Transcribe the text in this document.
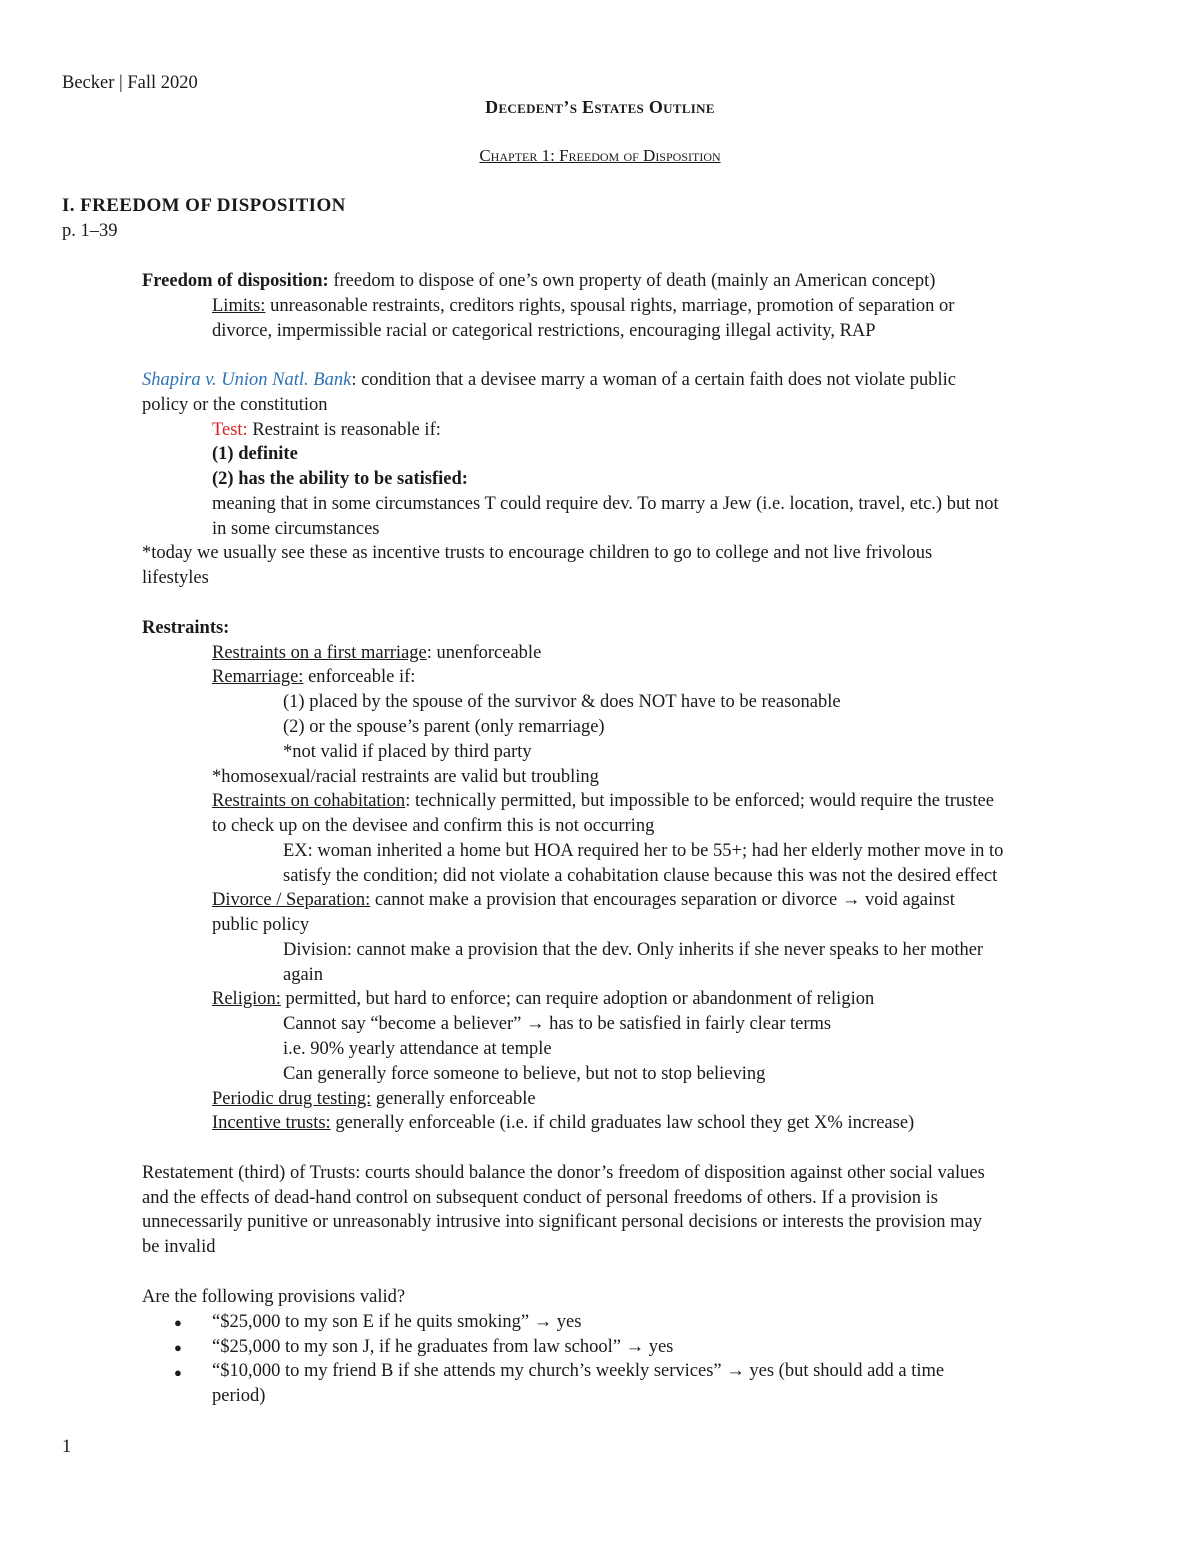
Becker | Fall 2020
Decedent’s Estates Outline
Chapter 1: Freedom of Disposition
I. FREEDOM OF DISPOSITION
p. 1–39
Freedom of disposition: freedom to dispose of one’s own property of death (mainly an American concept)
Limits: unreasonable restraints, creditors rights, spousal rights, marriage, promotion of separation or
divorce, impermissible racial or categorical restrictions, encouraging illegal activity, RAP
Shapira v. Union Natl. Bank: condition that a devisee marry a woman of a certain faith does not violate public
policy or the constitution
Test: Restraint is reasonable if:
(1) definite
(2) has the ability to be satisfied:
meaning that in some circumstances T could require dev. To marry a Jew (i.e. location, travel, etc.) but not
in some circumstances
*today we usually see these as incentive trusts to encourage children to go to college and not live frivolous
lifestyles
Restraints:
Restraints on a first marriage: unenforceable
Remarriage: enforceable if:
(1) placed by the spouse of the survivor & does NOT have to be reasonable
(2) or the spouse’s parent (only remarriage)
*not valid if placed by third party
*homosexual/racial restraints are valid but troubling
Restraints on cohabitation: technically permitted, but impossible to be enforced; would require the trustee
to check up on the devisee and confirm this is not occurring
EX: woman inherited a home but HOA required her to be 55+; had her elderly mother move in to
satisfy the condition; did not violate a cohabitation clause because this was not the desired effect
Divorce / Separation: cannot make a provision that encourages separation or divorce → void against
public policy
Division: cannot make a provision that the dev. Only inherits if she never speaks to her mother
again
Religion: permitted, but hard to enforce; can require adoption or abandonment of religion
Cannot say “become a believer” → has to be satisfied in fairly clear terms
i.e. 90% yearly attendance at temple
Can generally force someone to believe, but not to stop believing
Periodic drug testing: generally enforceable
Incentive trusts: generally enforceable (i.e. if child graduates law school they get X% increase)
Restatement (third) of Trusts: courts should balance the donor’s freedom of disposition against other social values
and the effects of dead-hand control on subsequent conduct of personal freedoms of others. If a provision is
unnecessarily punitive or unreasonably intrusive into significant personal decisions or interests the provision may
be invalid
Are the following provisions valid?
● “$25,000 to my son E if he quits smoking” → yes
● “$25,000 to my son J, if he graduates from law school” → yes
● “$10,000 to my friend B if she attends my church’s weekly services” → yes (but should add a time
period)
1
